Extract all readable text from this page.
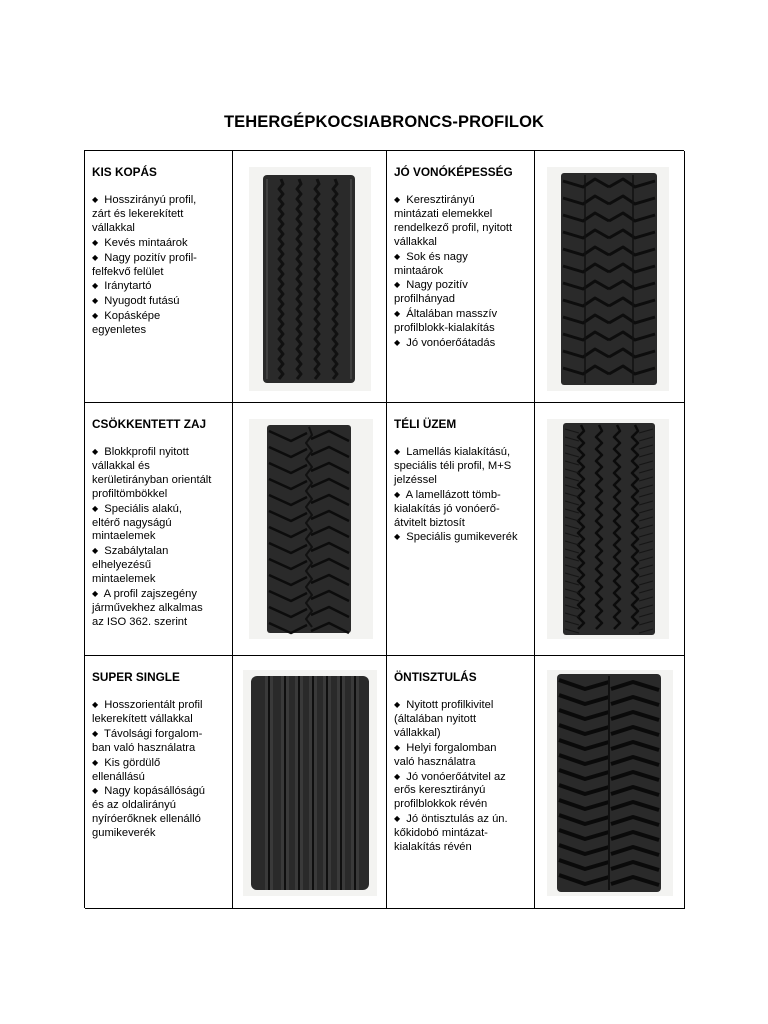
TEHERGÉPKOCSIABRONCS-PROFILOK
KIS KOPÁS
◆ Hosszirányú profil,
zárt és lekerekített
vállakkal
◆ Kevés mintaárok
◆ Nagy pozitív profil-
felfekvő felület
◆ Iránytartó
◆ Nyugodt futású
◆ Kopásképe
egyenletes
JÓ VONÓKÉPESSÉG
◆ Keresztirányú
mintázati elemekkel
rendelkező profil, nyitott
vállakkal
◆ Sok és nagy
mintaárok
◆ Nagy pozitív
profilhányad
◆ Általában masszív
profilblokk-kialakítás
◆ Jó vonóerőátadás
CSÖKKENTETT ZAJ
◆ Blokkprofil nyitott
vállakkal és
kerületirányban orientált
profiltömbökkel
◆ Speciális alakú,
eltérő nagyságú
mintaelemek
◆ Szabálytalan
elhelyezésű
mintaelemek
◆ A profil zajszegény
járművekhez alkalmas
az ISO 362. szerint
TÉLI ÜZEM
◆ Lamellás kialakítású,
speciális téli profil, M+S
jelzéssel
◆ A lamellázott tömb-
kialakítás jó vonóerő-
átvitelt biztosít
◆ Speciális gumikeverék
SUPER SINGLE
◆ Hosszorientált profil
lekerekített vállakkal
◆ Távolsági forgalom-
ban való használatra
◆ Kis gördülő
ellenállású
◆ Nagy kopásállóságú
és az oldalirányú
nyíróerőknek ellenálló
gumikeverék
ÖNTISZTULÁS
◆ Nyitott profilkivitel
(általában nyitott
vállakkal)
◆ Helyi forgalomban
való használatra
◆ Jó vonóerőátvitel az
erős keresztirányú
profilblokkok révén
◆ Jó öntisztulás az ún.
kőkidobó mintázat-
kialakítás révén
